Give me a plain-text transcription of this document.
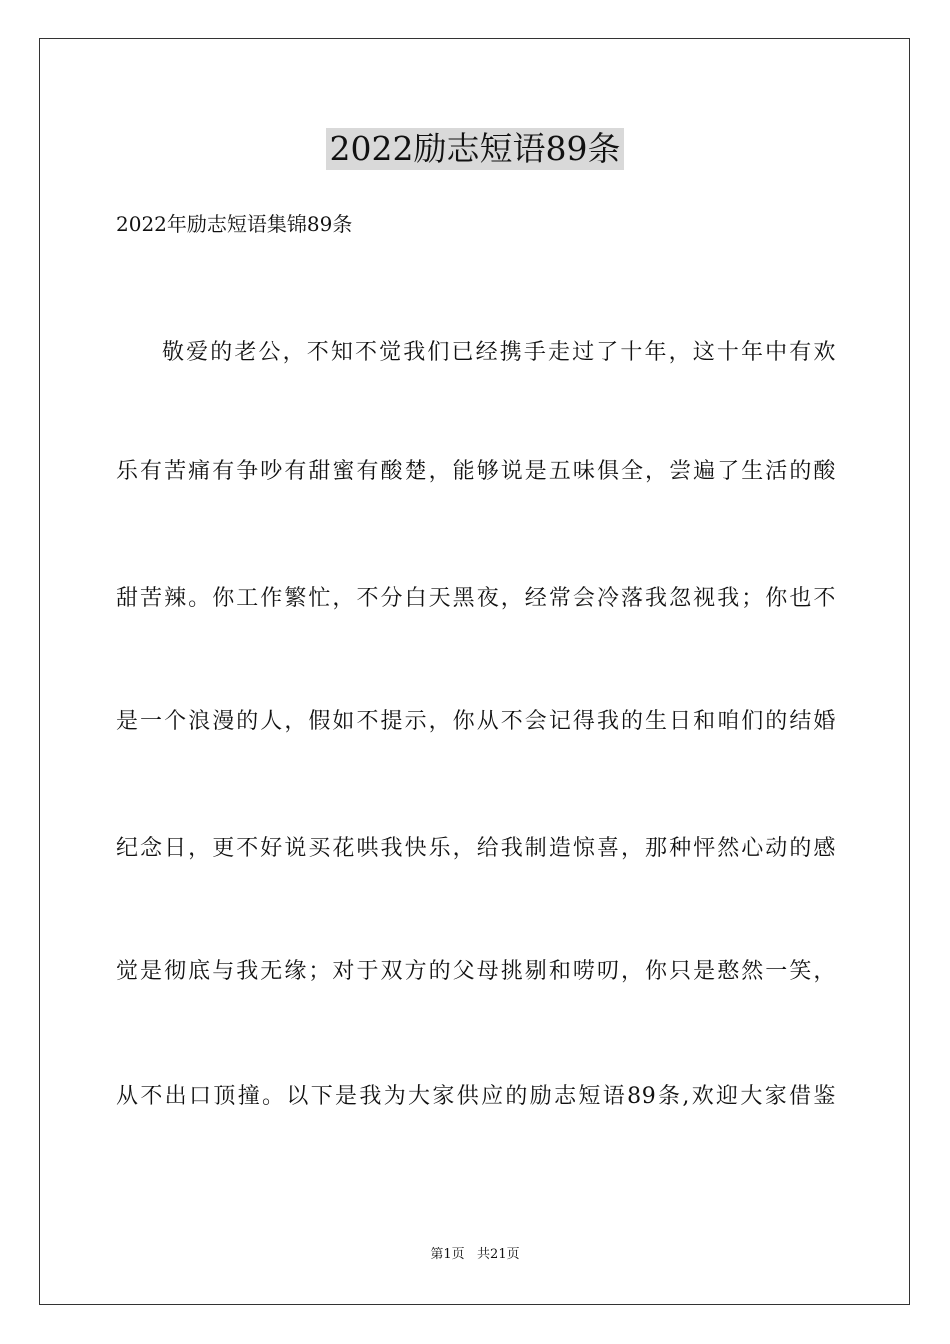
2022励志短语89条
2022年励志短语集锦89条
敬爱的老公，不知不觉我们已经携手走过了十年，这十年中有欢
乐有苦痛有争吵有甜蜜有酸楚，能够说是五味俱全，尝遍了生活的酸
甜苦辣。你工作繁忙，不分白天黑夜，经常会冷落我忽视我；你也不
是一个浪漫的人，假如不提示，你从不会记得我的生日和咱们的结婚
纪念日，更不好说买花哄我快乐，给我制造惊喜，那种怦然心动的感
觉是彻底与我无缘；对于双方的父母挑剔和唠叨，你只是憨然一笑，
从不出口顶撞。以下是我为大家供应的励志短语89条,欢迎大家借鉴
第1页   共21页
